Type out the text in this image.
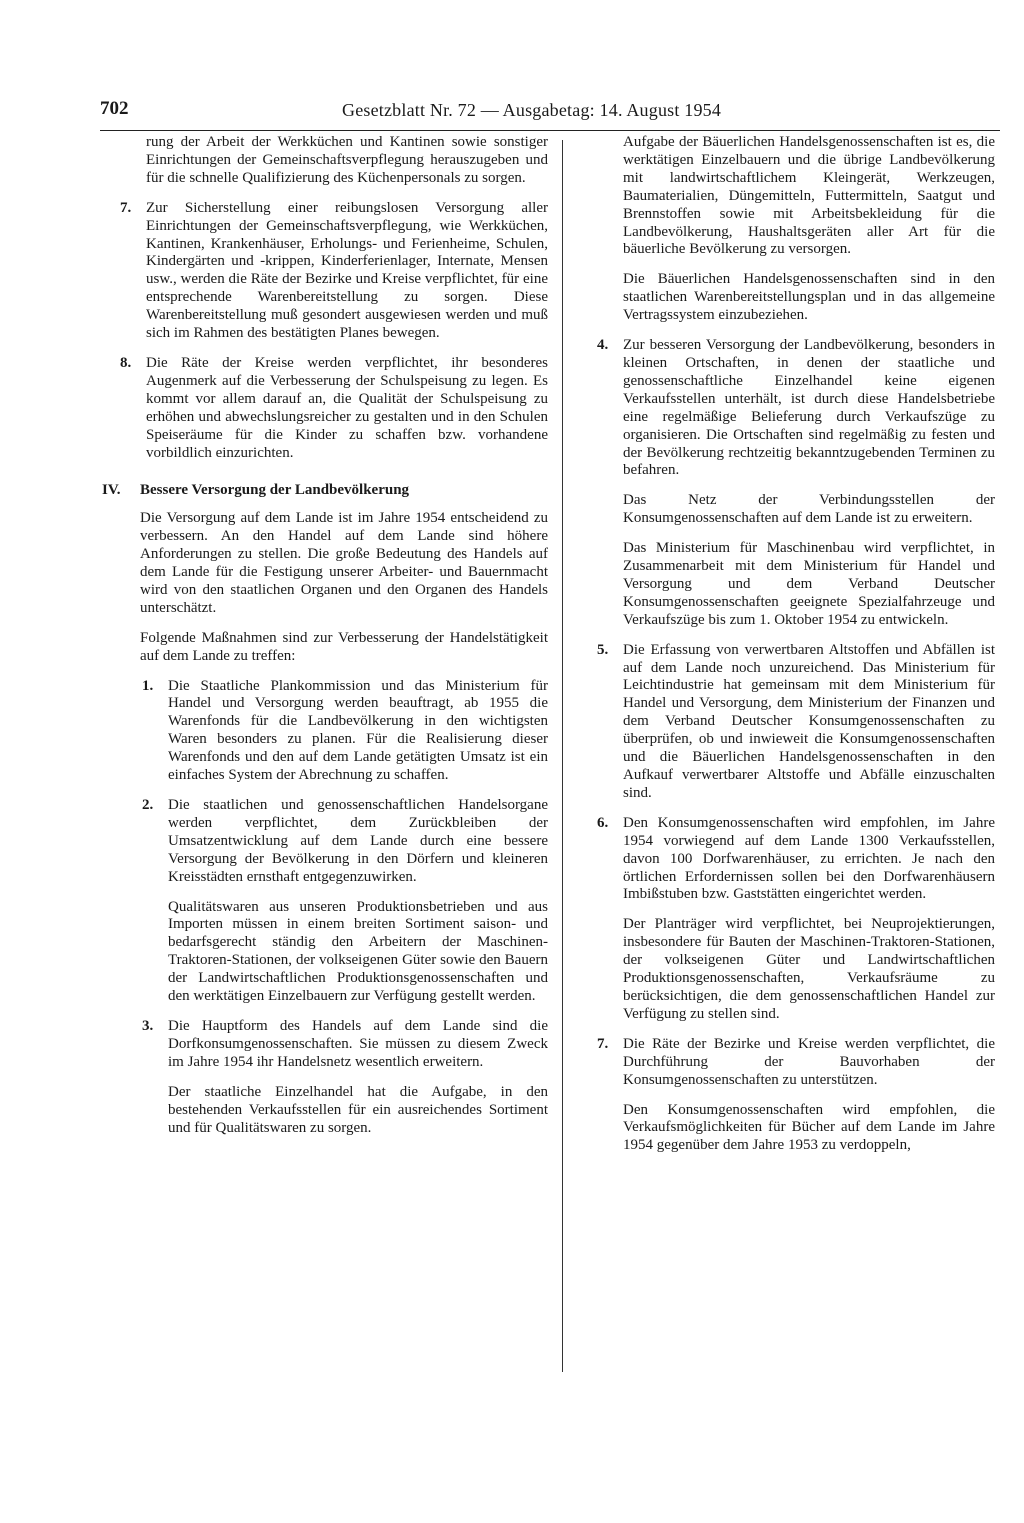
702	Gesetzblatt Nr. 72 — Ausgabetag: 14. August 1954

rung der Arbeit der Werkküchen und Kantinen sowie sonstiger Einrichtungen der Gemeinschaftsverpflegung herauszugeben und für die schnelle Qualifizierung des Küchenpersonals zu sorgen.

7. Zur Sicherstellung einer reibungslosen Versorgung aller Einrichtungen der Gemeinschaftsverpflegung, wie Werkküchen, Kantinen, Krankenhäuser, Erholungs- und Ferienheime, Schulen, Kindergärten und -krippen, Kinderferienlager, Internate, Mensen usw., werden die Räte der Bezirke und Kreise verpflichtet, für eine entsprechende Warenbereitstellung zu sorgen. Diese Warenbereitstellung muß gesondert ausgewiesen werden und muß sich im Rahmen des bestätigten Planes bewegen.
8. Die Räte der Kreise werden verpflichtet, ihr besonderes Augenmerk auf die Verbesserung der Schulspeisung zu legen. Es kommt vor allem darauf an, die Qualität der Schulspeisung zu erhöhen und abwechslungsreicher zu gestalten und in den Schulen Speiseräume für die Kinder zu schaffen bzw. vorhandene vorbildlich einzurichten.
IV. Bessere Versorgung der Landbevölkerung

Die Versorgung auf dem Lande ist im Jahre 1954 entscheidend zu verbessern. An den Handel auf dem Lande sind höhere Anforderungen zu stellen. Die große Bedeutung des Handels auf dem Lande für die Festigung unserer Arbeiter- und Bauernmacht wird von den staatlichen Organen und den Organen des Handels unterschätzt.

Folgende Maßnahmen sind zur Verbesserung der Handelstätigkeit auf dem Lande zu treffen:

1. Die Staatliche Plankommission und das Ministerium für Handel und Versorgung werden beauftragt, ab 1955 die Warenfonds für die Landbevölkerung in den wichtigsten Waren besonders zu planen. Für die Realisierung dieser Warenfonds und den auf dem Lande getätigten Umsatz ist ein einfaches System der Abrechnung zu schaffen.

2. Die staatlichen und genossenschaftlichen Handelsorgane werden verpflichtet, dem Zurückbleiben der Umsatzentwicklung auf dem Lande durch eine bessere Versorgung der Bevölkerung in den Dörfern und kleineren Kreisstädten ernsthaft entgegenzuwirken.

Qualitätswaren aus unseren Produktionsbetrieben und aus Importen müssen in einem breiten Sortiment saison- und bedarfsgerecht ständig den Arbeitern der Maschinen-Traktoren-Stationen, der volkseigenen Güter sowie den Bauern der Landwirtschaftlichen Produktionsgenossenschaften und den werktätigen Einzelbauern zur Verfügung gestellt werden.

3. Die Hauptform des Handels auf dem Lande sind die Dorfkonsumgenossenschaften. Sie müssen zu diesem Zweck im Jahre 1954 ihr Handelsnetz wesentlich erweitern.

Der staatliche Einzelhandel hat die Aufgabe, in den bestehenden Verkaufsstellen für ein ausreichendes Sortiment und für Qualitätswaren zu sorgen.

Aufgabe der Bäuerlichen Handelsgenossenschaften ist es, die werktätigen Einzelbauern und die übrige Landbevölkerung mit landwirtschaftlichem Kleingerät, Werkzeugen, Baumaterialien, Düngemitteln, Futtermitteln, Saatgut und Brennstoffen sowie mit Arbeitsbekleidung für die Landbevölkerung, Haushaltsgeräten aller Art für die bäuerliche Bevölkerung zu versorgen.

Die Bäuerlichen Handelsgenossenschaften sind in den staatlichen Warenbereitstellungsplan und in das allgemeine Vertragssystem einzubeziehen.

4. Zur besseren Versorgung der Landbevölkerung, besonders in kleinen Ortschaften, in denen der staatliche und genossenschaftliche Einzelhandel keine eigenen Verkaufsstellen unterhält, ist durch diese Handelsbetriebe eine regelmäßige Belieferung durch Verkaufszüge zu organisieren. Die Ortschaften sind regelmäßig zu festen und der Bevölkerung rechtzeitig bekanntzugebenden Terminen zu befahren.

Das Netz der Verbindungsstellen der Konsumgenossenschaften auf dem Lande ist zu erweitern.

Das Ministerium für Maschinenbau wird verpflichtet, in Zusammenarbeit mit dem Ministerium für Handel und Versorgung und dem Verband Deutscher Konsumgenossenschaften geeignete Spezialfahrzeuge und Verkaufszüge bis zum 1. Oktober 1954 zu entwickeln.

5. Die Erfassung von verwertbaren Altstoffen und Abfällen ist auf dem Lande noch unzureichend. Das Ministerium für Leichtindustrie hat gemeinsam mit dem Ministerium für Handel und Versorgung, dem Ministerium der Finanzen und dem Verband Deutscher Konsumgenossenschaften zu überprüfen, ob und inwieweit die Konsumgenossenschaften und die Bäuerlichen Handelsgenossenschaften in den Aufkauf verwertbarer Altstoffe und Abfälle einzuschalten sind.

6. Den Konsumgenossenschaften wird empfohlen, im Jahre 1954 vorwiegend auf dem Lande 1300 Verkaufsstellen, davon 100 Dorfwarenhäuser, zu errichten. Je nach den örtlichen Erfordernissen sollen bei den Dorfwarenhäusern Imbißstuben bzw. Gaststätten eingerichtet werden.

Der Planträger wird verpflichtet, bei Neuprojektierungen, insbesondere für Bauten der Maschinen-Traktoren-Stationen, der volkseigenen Güter und Landwirtschaftlichen Produktionsgenossenschaften, Verkaufsräume zu berücksichtigen, die dem genossenschaftlichen Handel zur Verfügung zu stellen sind.

7. Die Räte der Bezirke und Kreise werden verpflichtet, die Durchführung der Bauvorhaben der Konsumgenossenschaften zu unterstützen.

Den Konsumgenossenschaften wird empfohlen, die Verkaufsmöglichkeiten für Bücher auf dem Lande im Jahre 1954 gegenüber dem Jahre 1953 zu verdoppeln,
